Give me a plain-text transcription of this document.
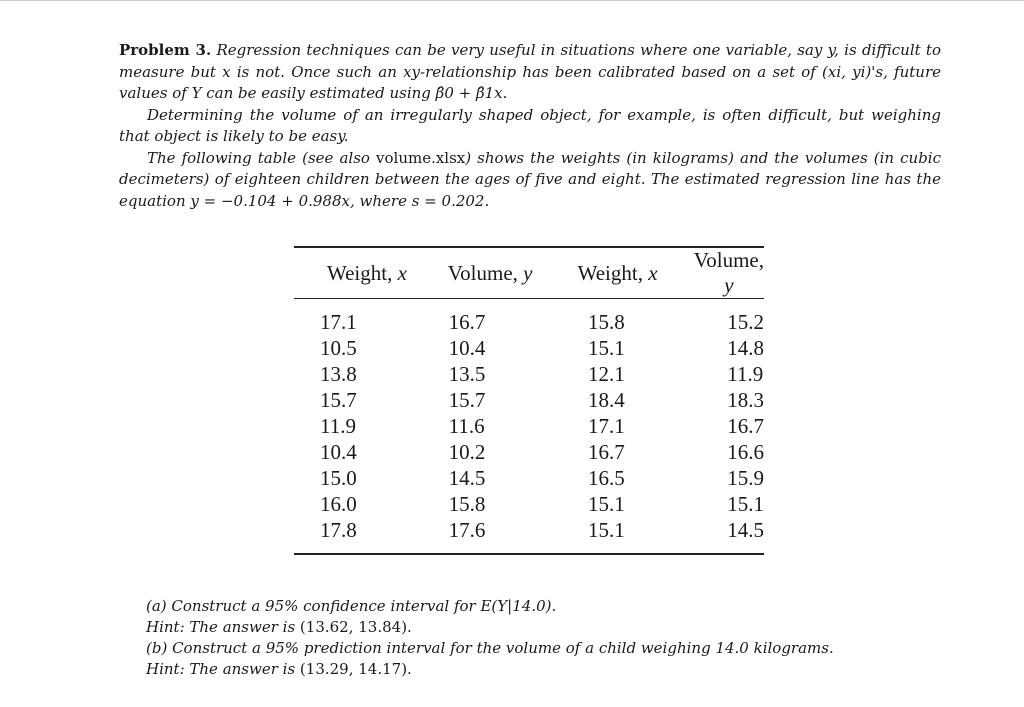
Problem 3. Regression techniques can be very useful in situations where one variable, say y, is difficult to measure but x is not. Once such an xy-relationship has been calibrated based on a set of (xi, yi)'s, future values of Y can be easily estimated using β̂0 + β̂1x.

Determining the volume of an irregularly shaped object, for example, is often difficult, but weighing that object is likely to be easy.

The following table (see also volume.xlsx) shows the weights (in kilograms) and the volumes (in cubic decimeters) of eighteen children between the ages of five and eight. The estimated regression line has the equation y = −0.104 + 0.988x, where s = 0.202.

Weight, x	Volume, y	Weight, x	Volume, y
17.1	16.7	15.8	15.2
10.5	10.4	15.1	14.8
13.8	13.5	12.1	11.9
15.7	15.7	18.4	18.3
11.9	11.6	17.1	16.7
10.4	10.2	16.7	16.6
15.0	14.5	16.5	15.9
16.0	15.8	15.1	15.1
17.8	17.6	15.1	14.5
(a) Construct a 95% confidence interval for E(Y|14.0).
Hint: The answer is (13.62, 13.84).
(b) Construct a 95% prediction interval for the volume of a child weighing 14.0 kilograms.
Hint: The answer is (13.29, 14.17).
